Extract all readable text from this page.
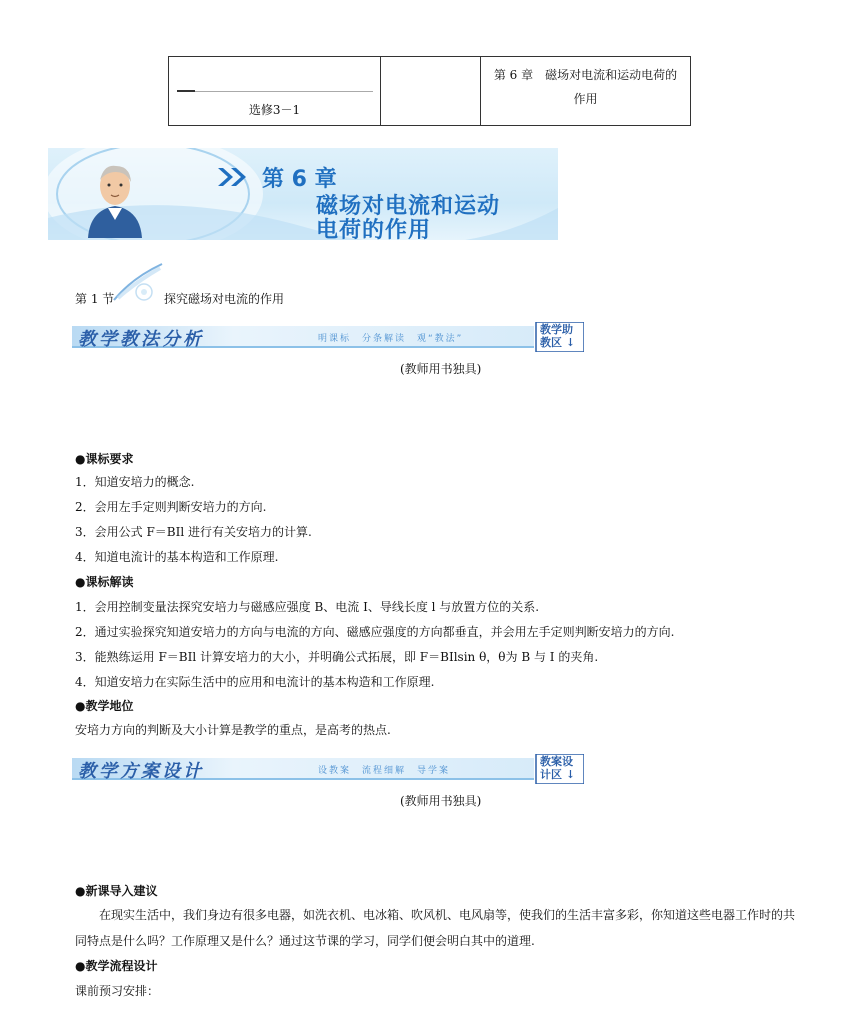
选修3－1
第 6 章　磁场对电流和运动电荷的
作用
第 6 章
磁场对电流和运动
电荷的作用
第 1 节	探究磁场对电流的作用
教学教法分析	明课标　分条解读　观“教法”
教学助
教区 ↓
(教师用书独具)
●课标要求
1．知道安培力的概念.
2．会用左手定则判断安培力的方向.
3．会用公式 F＝BIl 进行有关安培力的计算.
4．知道电流计的基本构造和工作原理.
●课标解读
1．会用控制变量法探究安培力与磁感应强度 B、电流 I、导线长度 l 与放置方位的关系.
2．通过实验探究知道安培力的方向与电流的方向、磁感应强度的方向都垂直，并会用左手定则判断安培力的方向.
3．能熟练运用 F＝BIl 计算安培力的大小，并明确公式拓展，即 F＝BIlsin θ，θ为 B 与 I 的夹角.
4．知道安培力在实际生活中的应用和电流计的基本构造和工作原理.
●教学地位
安培力方向的判断及大小计算是教学的重点，是高考的热点.
教学方案设计	设教案　流程细解　导学案
教案设
计区 ↓
(教师用书独具)
●新课导入建议
在现实生活中，我们身边有很多电器，如洗衣机、电冰箱、吹风机、电风扇等，使我们的生活丰富多彩，你知道这些电器工作时的共
同特点是什么吗？工作原理又是什么？通过这节课的学习，同学们便会明白其中的道理.
●教学流程设计
课前预习安排：
